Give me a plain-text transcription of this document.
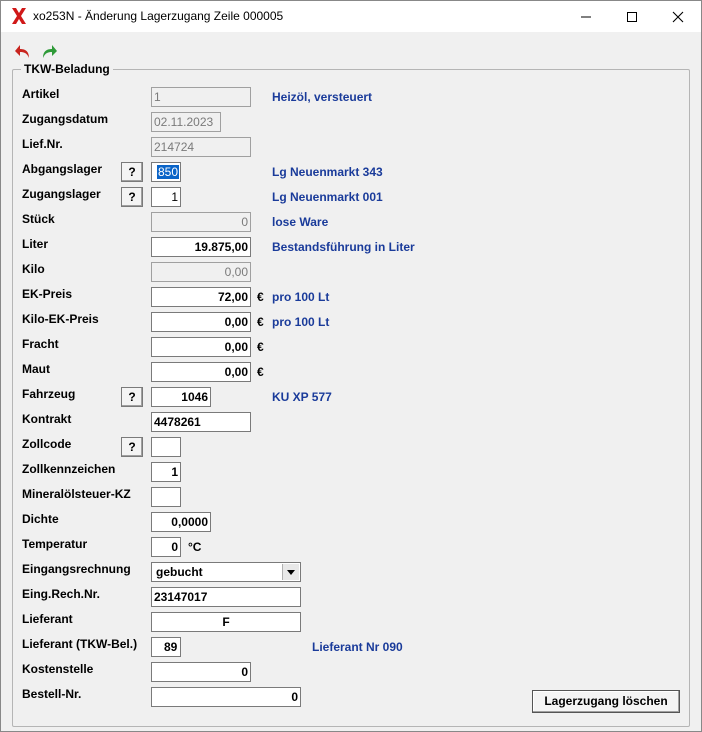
xo253N - Änderung Lagerzugang Zeile 000005
TKW-Beladung
Artikel	1	Heizöl, versteuert
Zugangsdatum	02.11.2023
Lief.Nr.	214724
Abgangslager	?	850	Lg Neuenmarkt 343
Zugangslager	?	1	Lg Neuenmarkt 001
Stück	0 lose Ware
Liter	19.875,00 Bestandsführung in Liter
Kilo	0,00
EK-Preis	72,00 € pro 100 Lt
Kilo-EK-Preis	0,00 € pro 100 Lt
Fracht	0,00 €
Maut	0,00 €
Fahrzeug	?	1046	KU XP 577
Kontrakt	4478261
Zollcode	?
Zollkennzeichen	1
Mineralölsteuer-KZ
Dichte	0,0000
Temperatur	0 °C
Eingangsrechnung	gebucht
Eing.Rech.Nr.	23147017
Lieferant	F
Lieferant (TKW-Bel.)	89	Lieferant Nr 090
Kostenstelle	0
Bestell-Nr.	0	Lagerzugang löschen
